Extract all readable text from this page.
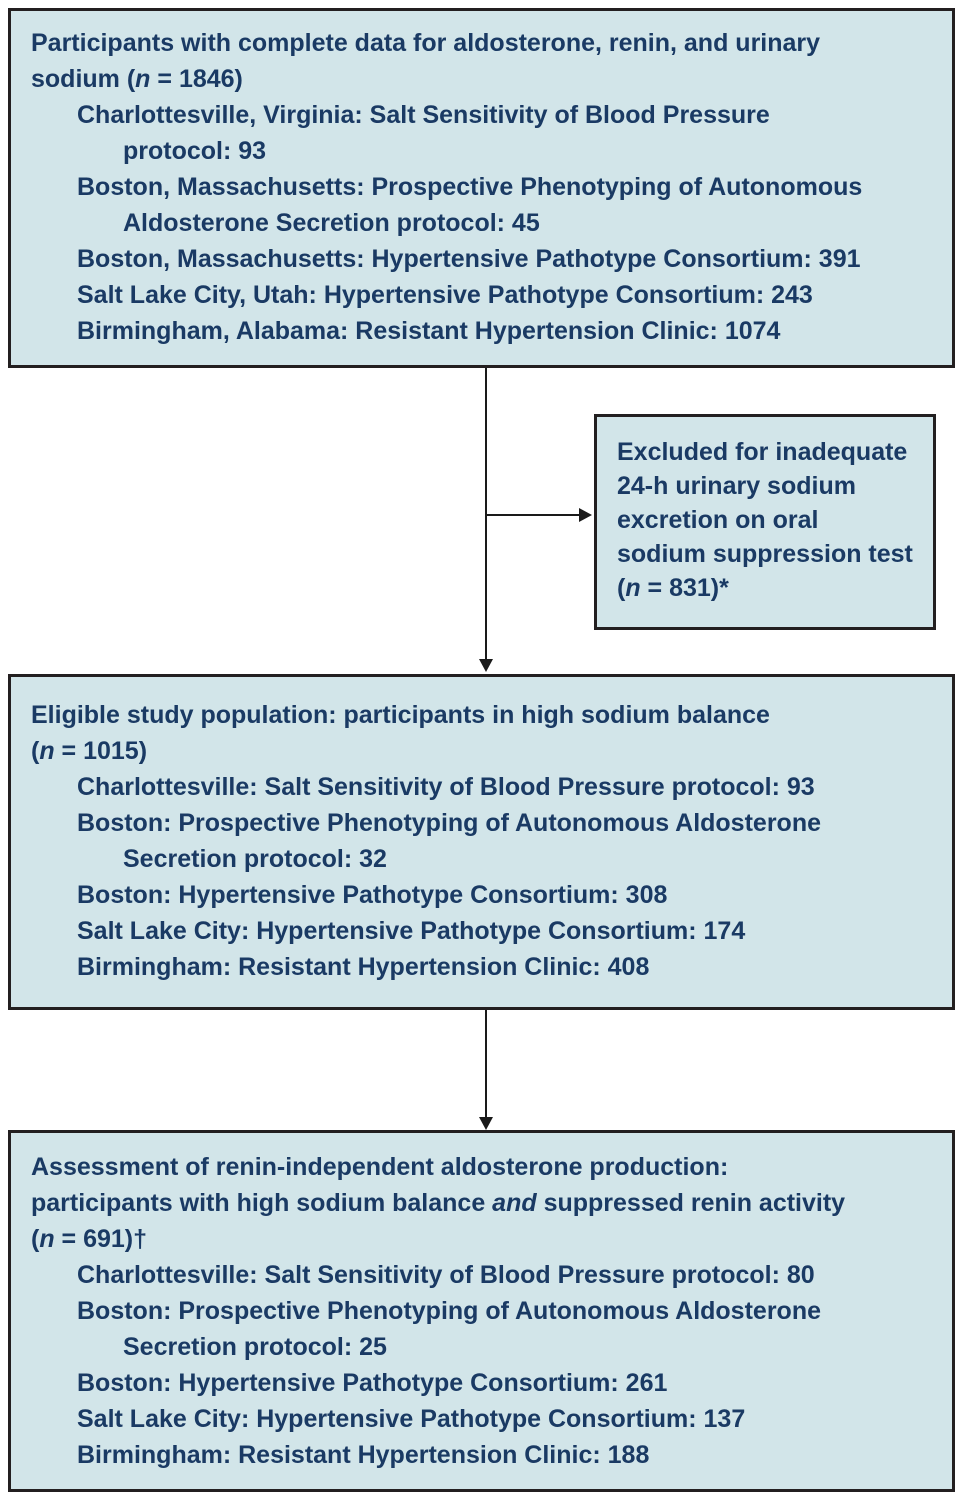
Participants with complete data for aldosterone, renin, and urinary
sodium (n = 1846)
Charlottesville, Virginia: Salt Sensitivity of Blood Pressure
protocol: 93
Boston, Massachusetts: Prospective Phenotyping of Autonomous
Aldosterone Secretion protocol: 45
Boston, Massachusetts: Hypertensive Pathotype Consortium: 391
Salt Lake City, Utah: Hypertensive Pathotype Consortium: 243
Birmingham, Alabama: Resistant Hypertension Clinic: 1074
Excluded for inadequate
24-h urinary sodium
excretion on oral
sodium suppression test
(n = 831)*
Eligible study population: participants in high sodium balance
(n = 1015)
Charlottesville: Salt Sensitivity of Blood Pressure protocol: 93
Boston: Prospective Phenotyping of Autonomous Aldosterone
Secretion protocol: 32
Boston: Hypertensive Pathotype Consortium: 308
Salt Lake City: Hypertensive Pathotype Consortium: 174
Birmingham: Resistant Hypertension Clinic: 408
Assessment of renin-independent aldosterone production:
participants with high sodium balance and suppressed renin activity
(n = 691)†
Charlottesville: Salt Sensitivity of Blood Pressure protocol: 80
Boston: Prospective Phenotyping of Autonomous Aldosterone
Secretion protocol: 25
Boston: Hypertensive Pathotype Consortium: 261
Salt Lake City: Hypertensive Pathotype Consortium: 137
Birmingham: Resistant Hypertension Clinic: 188
